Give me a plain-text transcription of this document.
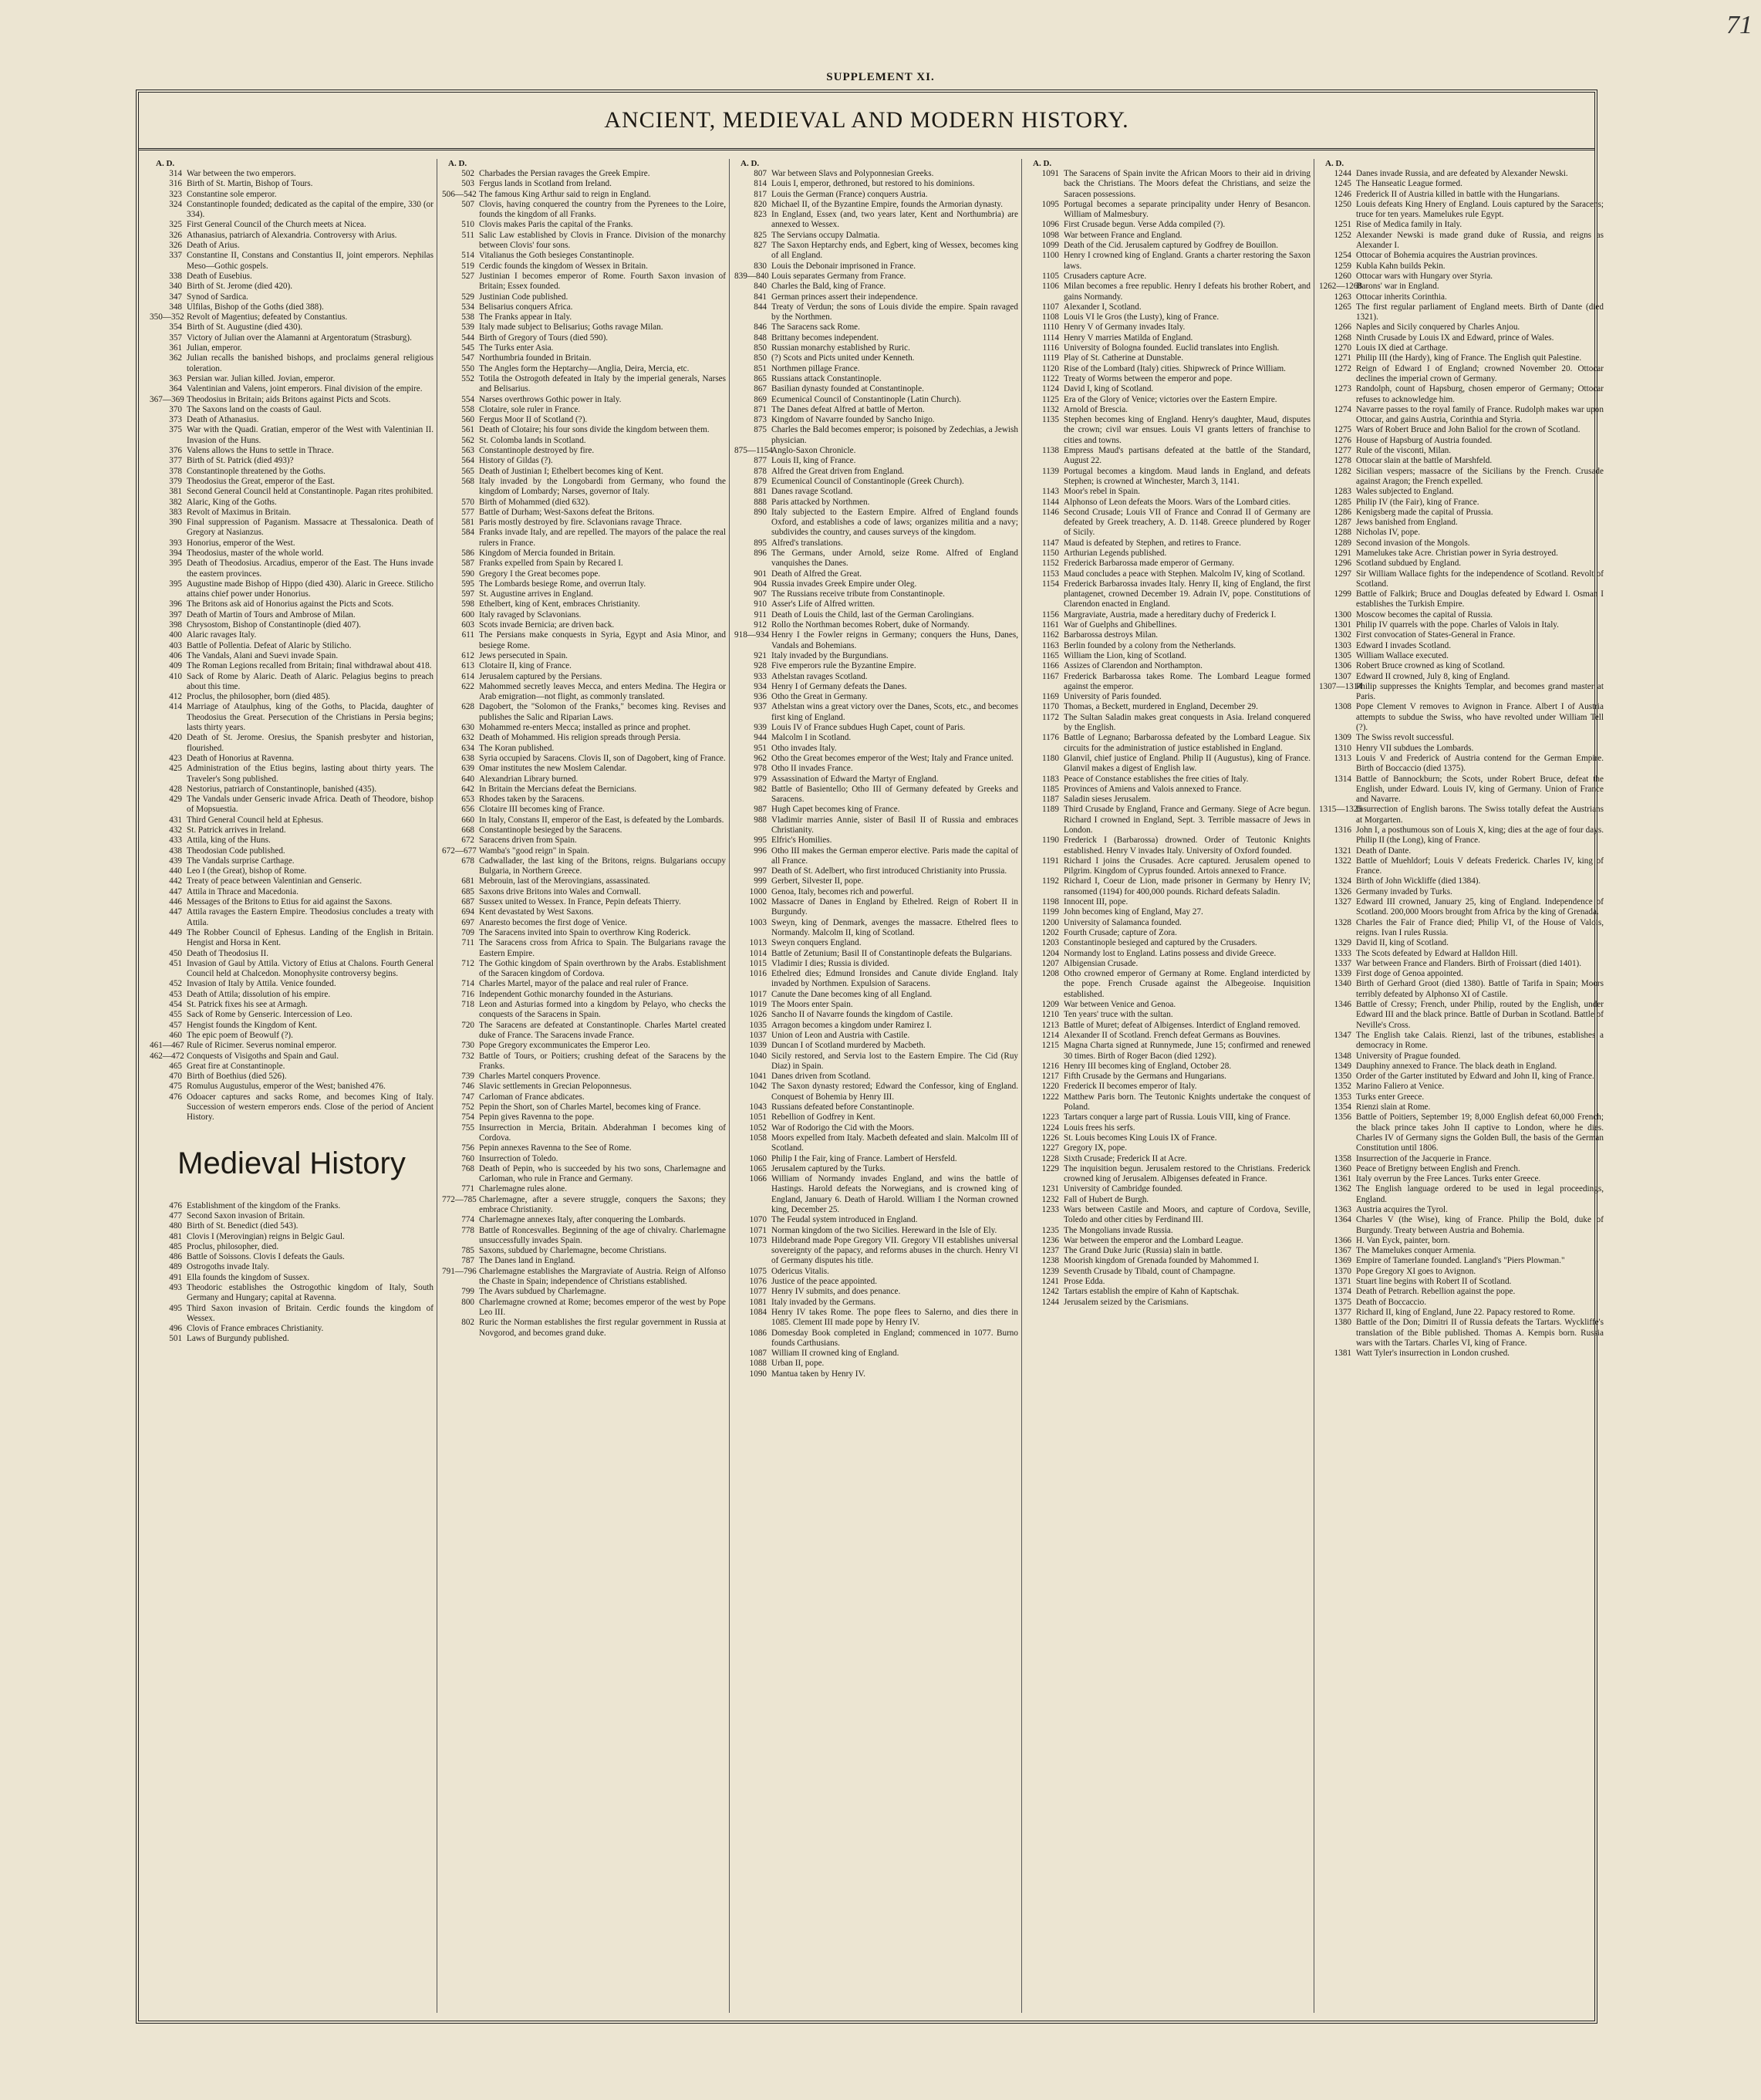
71
SUPPLEMENT XI.
ANCIENT, MEDIEVAL AND MODERN HISTORY.
A. D.
314 War between the two emperors.
316 Birth of St. Martin, Bishop of Tours.
323 Constantine sole emperor.
324 Constantinople founded; dedicated as the capital of the empire, 330 (or 334).
325 First General Council of the Church meets at Nicea.
326 Athanasius, patriarch of Alexandria. Controversy with Arius.
326 Death of Arius.
337 Constantine II, Constans and Constantius II, joint emperors. Nephilas Meso—Gothic gospels.
338 Death of Eusebius.
340 Birth of St. Jerome (died 420).
347 Synod of Sardica.
348 Ulfilas, Bishop of the Goths (died 388).
350—352 Revolt of Magentius; defeated by Constantius.
354 Birth of St. Augustine (died 430).
357 Victory of Julian over the Alamanni at Argentoratum (Strasburg).
361 Julian, emperor.
362 Julian recalls the banished bishops, and proclaims general religious toleration.
363 Persian war. Julian killed. Jovian, emperor.
364 Valentinian and Valens, joint emperors. Final division of the empire.
367—369 Theodosius in Britain; aids Britons against Picts and Scots.
370 The Saxons land on the coasts of Gaul.
373 Death of Athanasius.
375 War with the Quadi. Gratian, emperor of the West with Valentinian II. Invasion of the Huns.
376 Valens allows the Huns to settle in Thrace.
377 Birth of St. Patrick (died 493)?
378 Constantinople threatened by the Goths.
379 Theodosius the Great, emperor of the East.
381 Second General Council held at Constantinople. Pagan rites prohibited.
382 Alaric, King of the Goths.
383 Revolt of Maximus in Britain.
390 Final suppression of Paganism. Massacre at Thessalonica. Death of Gregory at Nasianzus.
393 Honorius, emperor of the West.
394 Theodosius, master of the whole world.
395 Death of Theodosius. Arcadius, emperor of the East. The Huns invade the eastern provinces.
395 Augustine made Bishop of Hippo (died 430). Alaric in Greece. Stilicho attains chief power under Honorius.
396 The Britons ask aid of Honorius against the Picts and Scots.
397 Death of Martin of Tours and Ambrose of Milan.
398 Chrysostom, Bishop of Constantinople (died 407).
400 Alaric ravages Italy.
403 Battle of Pollentia. Defeat of Alaric by Stilicho.
406 The Vandals, Alani and Suevi invade Spain.
409 The Roman Legions recalled from Britain; final withdrawal about 418.
410 Sack of Rome by Alaric. Death of Alaric. Pelagius begins to preach about this time.
412 Proclus, the philosopher, born (died 485).
414 Marriage of Ataulphus, king of the Goths, to Placida, daughter of Theodosius the Great. Persecution of the Christians in Persia begins; lasts thirty years.
420 Death of St. Jerome. Oresius, the Spanish presbyter and historian, flourished.
423 Death of Honorius at Ravenna.
425 Administration of the Etius begins, lasting about thirty years. The Traveler's Song published.
428 Nestorius, patriarch of Constantinople, banished (435).
429 The Vandals under Genseric invade Africa. Death of Theodore, bishop of Mopsuestia.
431 Third General Council held at Ephesus.
432 St. Patrick arrives in Ireland.
433 Attila, king of the Huns.
438 Theodosian Code published.
439 The Vandals surprise Carthage.
440 Leo I (the Great), bishop of Rome.
442 Treaty of peace between Valentinian and Genseric.
447 Attila in Thrace and Macedonia.
446 Messages of the Britons to Etius for aid against the Saxons.
447 Attila ravages the Eastern Empire. Theodosius concludes a treaty with Attila.
449 The Robber Council of Ephesus. Landing of the English in Britain. Hengist and Horsa in Kent.
450 Death of Theodosius II.
451 Invasion of Gaul by Attila. Victory of Etius at Chalons. Fourth General Council held at Chalcedon. Monophysite controversy begins.
452 Invasion of Italy by Attila. Venice founded.
453 Death of Attila; dissolution of his empire.
454 St. Patrick fixes his see at Armagh.
455 Sack of Rome by Genseric. Intercession of Leo.
457 Hengist founds the Kingdom of Kent.
460 The epic poem of Beowulf (?).
461—467 Rule of Ricimer. Severus nominal emperor.
462—472 Conquests of Visigoths and Spain and Gaul.
465 Great fire at Constantinople.
470 Birth of Boethius (died 526).
475 Romulus Augustulus, emperor of the West; banished 476.
476 Odoacer captures and sacks Rome, and becomes King of Italy. Succession of western emperors ends. Close of the period of Ancient History.
Medieval History
476 Establishment of the kingdom of the Franks.
477 Second Saxon invasion of Britain.
480 Birth of St. Benedict (died 543).
481 Clovis I (Merovingian) reigns in Belgic Gaul.
485 Proclus, philosopher, died.
486 Battle of Soissons. Clovis I defeats the Gauls.
489 Ostrogoths invade Italy.
491 Ella founds the kingdom of Sussex.
493 Theodoric establishes the Ostrogothic kingdom of Italy, South Germany and Hungary; capital at Ravenna.
495 Third Saxon invasion of Britain. Cerdic founds the kingdom of Wessex.
496 Clovis of France embraces Christianity.
501 Laws of Burgundy published.
A. D.
502 Charbades the Persian ravages the Greek Empire.
503 Fergus lands in Scotland from Ireland.
506—542 The famous King Arthur said to reign in England.
507 Clovis, having conquered the country from the Pyrenees to the Loire, founds the kingdom of all Franks.
510 Clovis makes Paris the capital of the Franks.
511 Salic Law established by Clovis in France. Division of the monarchy between Clovis' four sons.
514 Vitalianus the Goth besieges Constantinople.
519 Cerdic founds the kingdom of Wessex in Britain.
527 Justinian I becomes emperor of Rome. Fourth Saxon invasion of Britain; Essex founded.
529 Justinian Code published.
534 Belisarius conquers Africa.
538 The Franks appear in Italy.
539 Italy made subject to Belisarius; Goths ravage Milan.
544 Birth of Gregory of Tours (died 590).
545 The Turks enter Asia.
547 Northumbria founded in Britain.
550 The Angles form the Heptarchy—Anglia, Deira, Mercia, etc.
552 Totila the Ostrogoth defeated in Italy by the imperial generals, Narses and Belisarius.
554 Narses overthrows Gothic power in Italy.
558 Clotaire, sole ruler in France.
560 Fergus Moor II of Scotland (?).
561 Death of Clotaire; his four sons divide the kingdom between them.
562 St. Colomba lands in Scotland.
563 Constantinople destroyed by fire.
564 History of Gildas (?).
565 Death of Justinian I; Ethelbert becomes king of Kent.
568 Italy invaded by the Longobardi from Germany, who found the kingdom of Lombardy; Narses, governor of Italy.
570 Birth of Mohammed (died 632).
577 Battle of Durham; West-Saxons defeat the Britons.
581 Paris mostly destroyed by fire. Sclavonians ravage Thrace.
584 Franks invade Italy, and are repelled. The mayors of the palace the real rulers in France.
586 Kingdom of Mercia founded in Britain.
587 Franks expelled from Spain by Recared I.
590 Gregory I the Great becomes pope.
595 The Lombards besiege Rome, and overrun Italy.
597 St. Augustine arrives in England.
598 Ethelbert, king of Kent, embraces Christianity.
600 Italy ravaged by Sclavonians.
603 Scots invade Bernicia; are driven back.
611 The Persians make conquests in Syria, Egypt and Asia Minor, and besiege Rome.
612 Jews persecuted in Spain.
613 Clotaire II, king of France.
614 Jerusalem captured by the Persians.
622 Mahommed secretly leaves Mecca, and enters Medina. The Hegira or Arab emigration—not flight, as commonly translated.
628 Dagobert, the "Solomon of the Franks," becomes king. Revises and publishes the Salic and Riparian Laws.
630 Mohammed re-enters Mecca; installed as prince and prophet.
632 Death of Mohammed. His religion spreads through Persia.
634 The Koran published.
638 Syria occupied by Saracens. Clovis II, son of Dagobert, king of France.
639 Omar institutes the new Moslem Calendar.
640 Alexandrian Library burned.
642 In Britain the Mercians defeat the Bernicians.
653 Rhodes taken by the Saracens.
656 Clotaire III becomes king of France.
660 In Italy, Constans II, emperor of the East, is defeated by the Lombards.
668 Constantinople besieged by the Saracens.
672 Saracens driven from Spain.
672—677 Wamba's "good reign" in Spain.
678 Cadwallader, the last king of the Britons, reigns. Bulgarians occupy Bulgaria, in Northern Greece.
681 Mebrouin, last of the Merovingians, assassinated.
685 Saxons drive Britons into Wales and Cornwall.
687 Sussex united to Wessex. In France, Pepin defeats Thierry.
694 Kent devastated by West Saxons.
697 Anaresto becomes the first doge of Venice.
709 The Saracens invited into Spain to overthrow King Roderick.
711 The Saracens cross from Africa to Spain. The Bulgarians ravage the Eastern Empire.
712 The Gothic kingdom of Spain overthrown by the Arabs. Establishment of the Saracen kingdom of Cordova.
714 Charles Martel, mayor of the palace and real ruler of France.
716 Independent Gothic monarchy founded in the Asturians.
718 Leon and Asturias formed into a kingdom by Pelayo, who checks the conquests of the Saracens in Spain.
720 The Saracens are defeated at Constantinople. Charles Martel created duke of France. The Saracens invade France.
730 Pope Gregory excommunicates the Emperor Leo.
732 Battle of Tours, or Poitiers; crushing defeat of the Saracens by the Franks.
739 Charles Martel conquers Provence.
746 Slavic settlements in Grecian Peloponnesus.
747 Carloman of France abdicates.
752 Pepin the Short, son of Charles Martel, becomes king of France.
754 Pepin gives Ravenna to the pope.
755 Insurrection in Mercia, Britain. Abderahman I becomes king of Cordova.
756 Pepin annexes Ravenna to the See of Rome.
760 Insurrection of Toledo.
768 Death of Pepin, who is succeeded by his two sons, Charlemagne and Carloman, who rule in France and Germany.
771 Charlemagne rules alone.
772—785 Charlemagne, after a severe struggle, conquers the Saxons; they embrace Christianity.
774 Charlemagne annexes Italy, after conquering the Lombards.
778 Battle of Roncesvalles. Beginning of the age of chivalry. Charlemagne unsuccessfully invades Spain.
785 Saxons, subdued by Charlemagne, become Christians.
787 The Danes land in England.
791—796 Charlemagne establishes the Margraviate of Austria. Reign of Alfonso the Chaste in Spain; independence of Christians established.
799 The Avars subdued by Charlemagne.
800 Charlemagne crowned at Rome; becomes emperor of the west by Pope Leo III.
802 Ruric the Norman establishes the first regular government in Russia at Novgorod, and becomes grand duke.
A. D.
807 War between Slavs and Polyponnesian Greeks.
814 Louis I, emperor, dethroned, but restored to his dominions.
817 Louis the German (France) conquers Austria.
820 Michael II, of the Byzantine Empire, founds the Armorian dynasty.
823 In England, Essex (and, two years later, Kent and Northumbria) are annexed to Wessex.
825 The Servians occupy Dalmatia.
827 The Saxon Heptarchy ends, and Egbert, king of Wessex, becomes king of all England.
830 Louis the Debonair imprisoned in France.
839—840 Louis separates Germany from France.
840 Charles the Bald, king of France.
841 German princes assert their independence.
844 Treaty of Verdun; the sons of Louis divide the empire. Spain ravaged by the Northmen.
846 The Saracens sack Rome.
848 Brittany becomes independent.
850 Russian monarchy established by Ruric.
850 (?) Scots and Picts united under Kenneth.
851 Northmen pillage France.
865 Russians attack Constantinople.
867 Basilian dynasty founded at Constantinople.
869 Ecumenical Council of Constantinople (Latin Church).
871 The Danes defeat Alfred at battle of Merton.
873 Kingdom of Navarre founded by Sancho Inigo.
875 Charles the Bald becomes emperor; is poisoned by Zedechias, a Jewish physician.
875—1154
Anglo-Saxon Chronicle.
877 Louis II, king of France.
878 Alfred the Great driven from England.
879 Ecumenical Council of Constantinople (Greek Church).
881 Danes ravage Scotland.
888 Paris attacked by Northmen.
890 Italy subjected to the Eastern Empire. Alfred of England founds Oxford, and establishes a code of laws; organizes militia and a navy; subdivides the country, and causes surveys of the kingdom.
895 Alfred's translations.
896 The Germans, under Arnold, seize Rome. Alfred of England vanquishes the Danes.
901 Death of Alfred the Great.
904 Russia invades Greek Empire under Oleg.
907 The Russians receive tribute from Constantinople.
910 Asser's Life of Alfred written.
911 Death of Louis the Child, last of the German Carolingians.
912 Rollo the Northman becomes Robert, duke of Normandy.
918—934 Henry I the Fowler reigns in Germany; conquers the Huns, Danes, Vandals and Bohemians.
921 Italy invaded by the Burgundians.
928 Five emperors rule the Byzantine Empire.
933 Athelstan ravages Scotland.
934 Henry I of Germany defeats the Danes.
936 Otho the Great in Germany.
937 Athelstan wins a great victory over the Danes, Scots, etc., and becomes first king of England.
939 Louis IV of France subdues Hugh Capet, count of Paris.
944 Malcolm I in Scotland.
951 Otho invades Italy.
962 Otho the Great becomes emperor of the West; Italy and France united.
978 Otho II invades France.
979 Assassination of Edward the Martyr of England.
982 Battle of Basientello; Otho III of Germany defeated by Greeks and Saracens.
987 Hugh Capet becomes king of France.
988 Vladimir marries Annie, sister of Basil II of Russia and embraces Christianity.
995 Elfric's Homilies.
996 Otho III makes the German emperor elective. Paris made the capital of all France.
997 Death of St. Adelbert, who first introduced Christianity into Prussia.
999 Gerbert, Silvester II, pope.
1000 Genoa, Italy, becomes rich and powerful.
1002 Massacre of Danes in England by Ethelred. Reign of Robert II in Burgundy.
1003 Sweyn, king of Denmark, avenges the massacre. Ethelred flees to Normandy. Malcolm II, king of Scotland.
1013 Sweyn conquers England.
1014 Battle of Zetunium; Basil II of Constantinople defeats the Bulgarians.
1015 Vladimir I dies; Russia is divided.
1016 Ethelred dies; Edmund Ironsides and Canute divide England. Italy invaded by Northmen. Expulsion of Saracens.
1017 Canute the Dane becomes king of all England.
1019 The Moors enter Spain.
1026 Sancho II of Navarre founds the kingdom of Castile.
1035 Arragon becomes a kingdom under Ramirez I.
1037 Union of Leon and Austria with Castile.
1039 Duncan I of Scotland murdered by Macbeth.
1040 Sicily restored, and Servia lost to the Eastern Empire. The Cid (Ruy Diaz) in Spain.
1041 Danes driven from Scotland.
1042 The Saxon dynasty restored; Edward the Confessor, king of England. Conquest of Bohemia by Henry III.
1043 Russians defeated before Constantinople.
1051 Rebellion of Godfrey in Kent.
1052 War of Rodorigo the Cid with the Moors.
1058 Moors expelled from Italy. Macbeth defeated and slain. Malcolm III of Scotland.
1060 Philip I the Fair, king of France. Lambert of Hersfeld.
1065 Jerusalem captured by the Turks.
1066 William of Normandy invades England, and wins the battle of Hastings. Harold defeats the Norwegians, and is crowned king of England, January 6. Death of Harold. William I the Norman crowned king, December 25.
1070 The Feudal system introduced in England.
1071 Norman kingdom of the two Sicilies. Hereward in the Isle of Ely.
1073 Hildebrand made Pope Gregory VII. Gregory VII establishes universal sovereignty of the papacy, and reforms abuses in the church. Henry VI of Germany disputes his title.
1075 Odericus Vitalis.
1076 Justice of the peace appointed.
1077 Henry IV submits, and does penance.
1081 Italy invaded by the Germans.
1084 Henry IV takes Rome. The pope flees to Salerno, and dies there in 1085. Clement III made pope by Henry IV.
1086 Domesday Book completed in England; commenced in 1077. Burno founds Carthusians.
1087 William II crowned king of England.
1088 Urban II, pope.
1090 Mantua taken by Henry IV.
A. D.
1091 The Saracens of Spain invite the African Moors to their aid in driving back the Christians. The Moors defeat the Christians, and seize the Saracen possessions.
1095 Portugal becomes a separate principality under Henry of Besancon. William of Malmesbury.
1096 First Crusade begun. Verse Adda compiled (?).
1098 War between France and England.
1099 Death of the Cid. Jerusalem captured by Godfrey de Bouillon.
1100 Henry I crowned king of England. Grants a charter restoring the Saxon laws.
1105 Crusaders capture Acre.
1106 Milan becomes a free republic. Henry I defeats his brother Robert, and gains Normandy.
1107 Alexander I, Scotland.
1108 Louis VI le Gros (the Lusty), king of France.
1110 Henry V of Germany invades Italy.
1114 Henry V marries Matilda of England.
1116 University of Bologna founded. Euclid translates into English.
1119 Play of St. Catherine at Dunstable.
1120 Rise of the Lombard (Italy) cities. Shipwreck of Prince William.
1122 Treaty of Worms between the emperor and pope.
1124 David I, king of Scotland.
1125 Era of the Glory of Venice; victories over the Eastern Empire.
1132 Arnold of Brescia.
1135 Stephen becomes king of England. Henry's daughter, Maud, disputes the crown; civil war ensues. Louis VI grants letters of franchise to cities and towns.
1138 Empress Maud's partisans defeated at the battle of the Standard, August 22.
1139 Portugal becomes a kingdom. Maud lands in England, and defeats Stephen; is crowned at Winchester, March 3, 1141.
1143 Moor's rebel in Spain.
1144 Alphonso of Leon defeats the Moors. Wars of the Lombard cities.
1146 Second Crusade; Louis VII of France and Conrad II of Germany are defeated by Greek treachery, A. D. 1148. Greece plundered by Roger of Sicily.
1147 Maud is defeated by Stephen, and retires to France.
1150 Arthurian Legends published.
1152 Frederick Barbarossa made emperor of Germany.
1153 Maud concludes a peace with Stephen. Malcolm IV, king of Scotland.
1154 Frederick Barbarossa invades Italy. Henry II, king of England, the first plantagenet, crowned December 19. Adrain IV, pope. Constitutions of Clarendon enacted in England.
1156 Margraviate, Austria, made a hereditary duchy of Frederick I.
1161 War of Guelphs and Ghibellines.
1162 Barbarossa destroys Milan.
1163 Berlin founded by a colony from the Netherlands.
1165 William the Lion, king of Scotland.
1166 Assizes of Clarendon and Northampton.
1167 Frederick Barbarossa takes Rome. The Lombard League formed against the emperor.
1169 University of Paris founded.
1170 Thomas, a Beckett, murdered in England, December 29.
1172 The Sultan Saladin makes great conquests in Asia. Ireland conquered by the English.
1176 Battle of Legnano; Barbarossa defeated by the Lombard League. Six circuits for the administration of justice established in England.
1180 Glanvil, chief justice of England. Philip II (Augustus), king of France. Glanvil makes a digest of English law.
1183 Peace of Constance establishes the free cities of Italy.
1185 Provinces of Amiens and Valois annexed to France.
1187 Saladin sieses Jerusalem.
1189 Third Crusade by England, France and Germany. Siege of Acre begun. Richard I crowned in England, Sept. 3. Terrible massacre of Jews in London.
1190 Frederick I (Barbarossa) drowned. Order of Teutonic Knights established. Henry V invades Italy. University of Oxford founded.
1191 Richard I joins the Crusades. Acre captured. Jerusalem opened to Pilgrim. Kingdom of Cyprus founded. Artois annexed to France.
1192 Richard I, Coeur de Lion, made prisoner in Germany by Henry IV; ransomed (1194) for 400,000 pounds. Richard defeats Saladin.
1198 Innocent III, pope.
1199 John becomes king of England, May 27.
1200 University of Salamanca founded.
1202 Fourth Crusade; capture of Zora.
1203 Constantinople besieged and captured by the Crusaders.
1204 Normandy lost to England. Latins possess and divide Greece.
1207 Albigensian Crusade.
1208 Otho crowned emperor of Germany at Rome. England interdicted by the pope. French Crusade against the Albegeoise. Inquisition established.
1209 War between Venice and Genoa.
1210 Ten years' truce with the sultan.
1213 Battle of Muret; defeat of Albigenses. Interdict of England removed.
1214 Alexander II of Scotland. French defeat Germans as Bouvines.
1215 Magna Charta signed at Runnymede, June 15; confirmed and renewed 30 times. Birth of Roger Bacon (died 1292).
1216 Henry III becomes king of England, October 28.
1217 Fifth Crusade by the Germans and Hungarians.
1220 Frederick II becomes emperor of Italy.
1222 Matthew Paris born. The Teutonic Knights undertake the conquest of Poland.
1223 Tartars conquer a large part of Russia. Louis VIII, king of France.
1224 Louis frees his serfs.
1226 St. Louis becomes King Louis IX of France.
1227 Gregory IX, pope.
1228 Sixth Crusade; Frederick II at Acre.
1229 The inquisition begun. Jerusalem restored to the Christians. Frederick crowned king of Jerusalem. Albigenses defeated in France.
1231 University of Cambridge founded.
1232 Fall of Hubert de Burgh.
1233 Wars between Castile and Moors, and capture of Cordova, Seville, Toledo and other cities by Ferdinand III.
1235 The Mongolians invade Russia.
1236 War between the emperor and the Lombard League.
1237 The Grand Duke Juric (Russia) slain in battle.
1238 Moorish kingdom of Grenada founded by Mahommed I.
1239 Seventh Crusade by Tibald, count of Champagne.
1241 Prose Edda.
1242 Tartars establish the empire of Kahn of Kaptschak.
1244 Jerusalem seized by the Carismians.
A. D.
1244 Danes invade Russia, and are defeated by Alexander Newski.
1245 The Hanseatic League formed.
1246 Frederick II of Austria killed in battle with the Hungarians.
1250 Louis defeats King Hnery of England. Louis captured by the Saracens; truce for ten years. Mamelukes rule Egypt.
1251 Rise of Medica family in Italy.
1252 Alexander Newski is made grand duke of Russia, and reigns as Alexander I.
1254 Ottocar of Bohemia acquires the Austrian provinces.
1259 Kubla Kahn builds Pekin.
1260 Ottocar wars with Hungary over Styria.
1262—1268
Barons' war in England.
1263 Ottocar inherits Corinthia.
1265 The first regular parliament of England meets. Birth of Dante (died 1321).
1266 Naples and Sicily conquered by Charles Anjou.
1268 Ninth Crusade by Louis IX and Edward, prince of Wales.
1270 Louis IX died at Carthage.
1271 Philip III (the Hardy), king of France. The English quit Palestine.
1272 Reign of Edward I of England; crowned November 20. Ottocar declines the imperial crown of Germany.
1273 Randolph, count of Hapsburg, chosen emperor of Germany; Ottocar refuses to acknowledge him.
1274 Navarre passes to the royal family of France. Rudolph makes war upon Ottocar, and gains Austria, Corinthia and Styria.
1275 Wars of Robert Bruce and John Baliol for the crown of Scotland.
1276 House of Hapsburg of Austria founded.
1277 Rule of the visconti, Milan.
1278 Ottocar slain at the battle of Marshfeld.
1282 Sicilian vespers; massacre of the Sicilians by the French. Crusade against Aragon; the French expelled.
1283 Wales subjected to England.
1285 Philip IV (the Fair), king of France.
1286 Kenigsberg made the capital of Prussia.
1287 Jews banished from England.
1288 Nicholas IV, pope.
1289 Second invasion of the Mongols.
1291 Mamelukes take Acre. Christian power in Syria destroyed.
1296 Scotland subdued by England.
1297 Sir William Wallace fights for the independence of Scotland. Revolt of Scotland.
1299 Battle of Falkirk; Bruce and Douglas defeated by Edward I. Osman I establishes the Turkish Empire.
1300 Moscow becomes the capital of Russia.
1301 Philip IV quarrels with the pope. Charles of Valois in Italy.
1302 First convocation of States-General in France.
1303 Edward I invades Scotland.
1305 William Wallace executed.
1306 Robert Bruce crowned as king of Scotland.
1307 Edward II crowned, July 8, king of England.
1307—1314
Philip suppresses the Knights Templar, and becomes grand master at Paris.
1308 Pope Clement V removes to Avignon in France. Albert I of Austria attempts to subdue the Swiss, who have revolted under William Tell (?).
1309 The Swiss revolt successful.
1310 Henry VII subdues the Lombards.
1313 Louis V and Frederick of Austria contend for the German Empire. Birth of Boccaccio (died 1375).
1314 Battle of Bannockburn; the Scots, under Robert Bruce, defeat the English, under Edward. Louis IV, king of Germany. Union of France and Navarre.
1315—1325
Insurrection of English barons. The Swiss totally defeat the Austrians at Morgarten.
1316 John I, a posthumous son of Louis X, king; dies at the age of four days. Philip II (the Long), king of France.
1321 Death of Dante.
1322 Battle of Muehldorf; Louis V defeats Frederick. Charles IV, king of France.
1324 Birth of John Wickliffe (died 1384).
1326 Germany invaded by Turks.
1327 Edward III crowned, January 25, king of England. Independence of Scotland. 200,000 Moors brought from Africa by the king of Grenada.
1328 Charles the Fair of France died; Philip VI, of the House of Valois, reigns. Ivan I rules Russia.
1329 David II, king of Scotland.
1333 The Scots defeated by Edward at Halldon Hill.
1337 War between France and Flanders. Birth of Froissart (died 1401).
1339 First doge of Genoa appointed.
1340 Birth of Gerhard Groot (died 1380). Battle of Tarifa in Spain; Moors terribly defeated by Alphonso XI of Castile.
1346 Battle of Cressy; French, under Philip, routed by the English, under Edward III and the black prince. Battle of Durban in Scotland. Battle of Neville's Cross.
1347 The English take Calais. Rienzi, last of the tribunes, establishes a democracy in Rome.
1348 University of Prague founded.
1349 Dauphiny annexed to France. The black death in England.
1350 Order of the Garter instituted by Edward and John II, king of France.
1352 Marino Faliero at Venice.
1353 Turks enter Greece.
1354 Rienzi slain at Rome.
1356 Battle of Poitiers, September 19; 8,000 English defeat 60,000 French; the black prince takes John II captive to London, where he dies. Charles IV of Germany signs the Golden Bull, the basis of the German Constitution until 1806.
1358 Insurrection of the Jacquerie in France.
1360 Peace of Bretigny between English and French.
1361 Italy overrun by the Free Lances. Turks enter Greece.
1362 The English language ordered to be used in legal proceedings, England.
1363 Austria acquires the Tyrol.
1364 Charles V (the Wise), king of France. Philip the Bold, duke of Burgundy. Treaty between Austria and Bohemia.
1366 H. Van Eyck, painter, born.
1367 The Mamelukes conquer Armenia.
1369 Empire of Tamerlane founded. Langland's "Piers Plowman."
1370 Pope Gregory XI goes to Avignon.
1371 Stuart line begins with Robert II of Scotland.
1374 Death of Petrarch. Rebellion against the pope.
1375 Death of Boccaccio.
1377 Richard II, king of England, June 22. Papacy restored to Rome.
1380 Battle of the Don; Dimitri II of Russia defeats the Tartars. Wyckliffe's translation of the Bible published. Thomas A. Kempis born. Russia wars with the Tartars. Charles VI, king of France.
1381 Watt Tyler's insurrection in London crushed.
